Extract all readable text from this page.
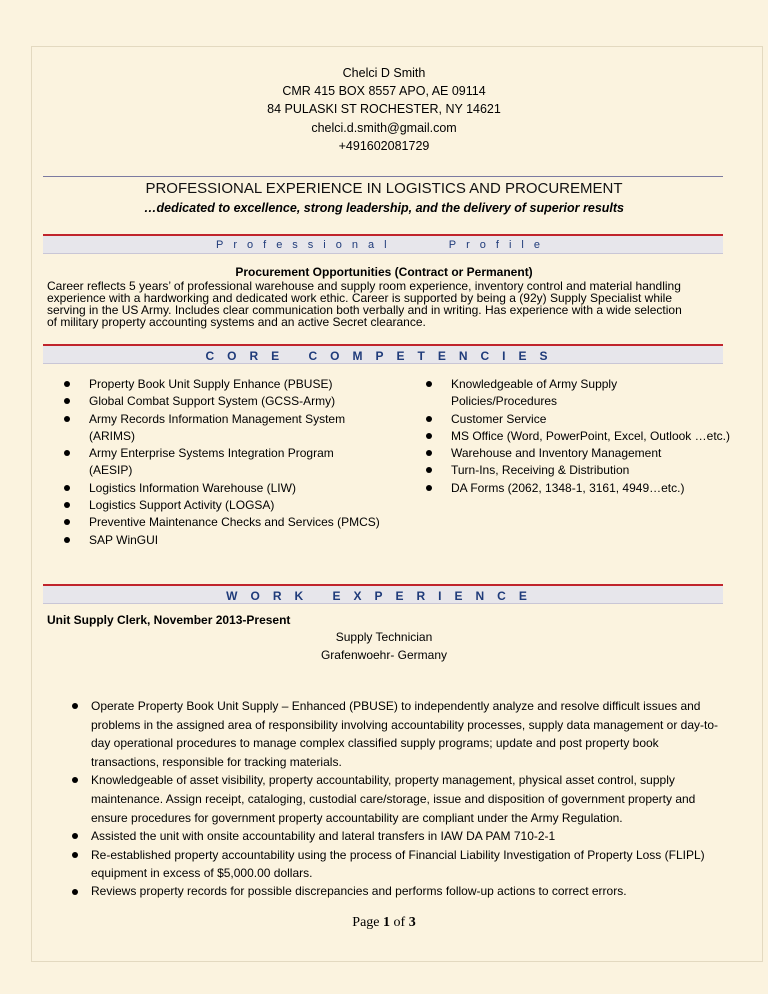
Chelci D Smith
CMR 415 BOX 8557 APO, AE 09114
84 PULASKI ST ROCHESTER, NY 14621
chelci.d.smith@gmail.com
+491602081729
PROFESSIONAL EXPERIENCE IN LOGISTICS AND PROCUREMENT
…dedicated to excellence, strong leadership, and the delivery of superior results
Professional	Profile
Procurement Opportunities (Contract or Permanent)
Career reflects 5 years’ of professional warehouse and supply room experience, inventory control and material handling
experience with a hardworking and dedicated work ethic. Career is supported by being a (92y) Supply Specialist while
serving in the US Army. Includes clear communication both verbally and in writing. Has experience with a wide selection
of military property accounting systems and an active Secret clearance.
CORE COMPETENCIES
Property Book Unit Supply Enhance (PBUSE)
Global Combat Support System (GCSS-Army)
Army Records Information Management System (ARIMS)
Army Enterprise Systems Integration Program (AESIP)
Logistics Information Warehouse (LIW)
Logistics Support Activity (LOGSA)
Preventive Maintenance Checks and Services (PMCS)
SAP WinGUI
Knowledgeable of Army Supply Policies/Procedures
Customer Service
MS Office (Word, PowerPoint, Excel, Outlook …etc.)
Warehouse and Inventory Management
Turn-Ins, Receiving & Distribution
DA Forms (2062, 1348-1, 3161, 4949…etc.)
WORK EXPERIENCE
Unit Supply Clerk, November 2013-Present
Supply Technician
Grafenwoehr- Germany
Operate Property Book Unit Supply – Enhanced (PBUSE) to independently analyze and resolve difficult issues and problems in the assigned area of responsibility involving accountability processes, supply data management or day-to-day operational procedures to manage complex classified supply programs; update and post property book transactions, responsible for tracking materials.
Knowledgeable of asset visibility, property accountability, property management, physical asset control, supply maintenance. Assign receipt, cataloging, custodial care/storage, issue and disposition of government property and ensure procedures for government property accountability are compliant under the Army Regulation.
Assisted the unit with onsite accountability and lateral transfers in IAW DA PAM 710-2-1
Re-established property accountability using the process of Financial Liability Investigation of Property Loss (FLIPL) equipment in excess of $5,000.00 dollars.
Reviews property records for possible discrepancies and performs follow-up actions to correct errors.
Page 1 of 3
